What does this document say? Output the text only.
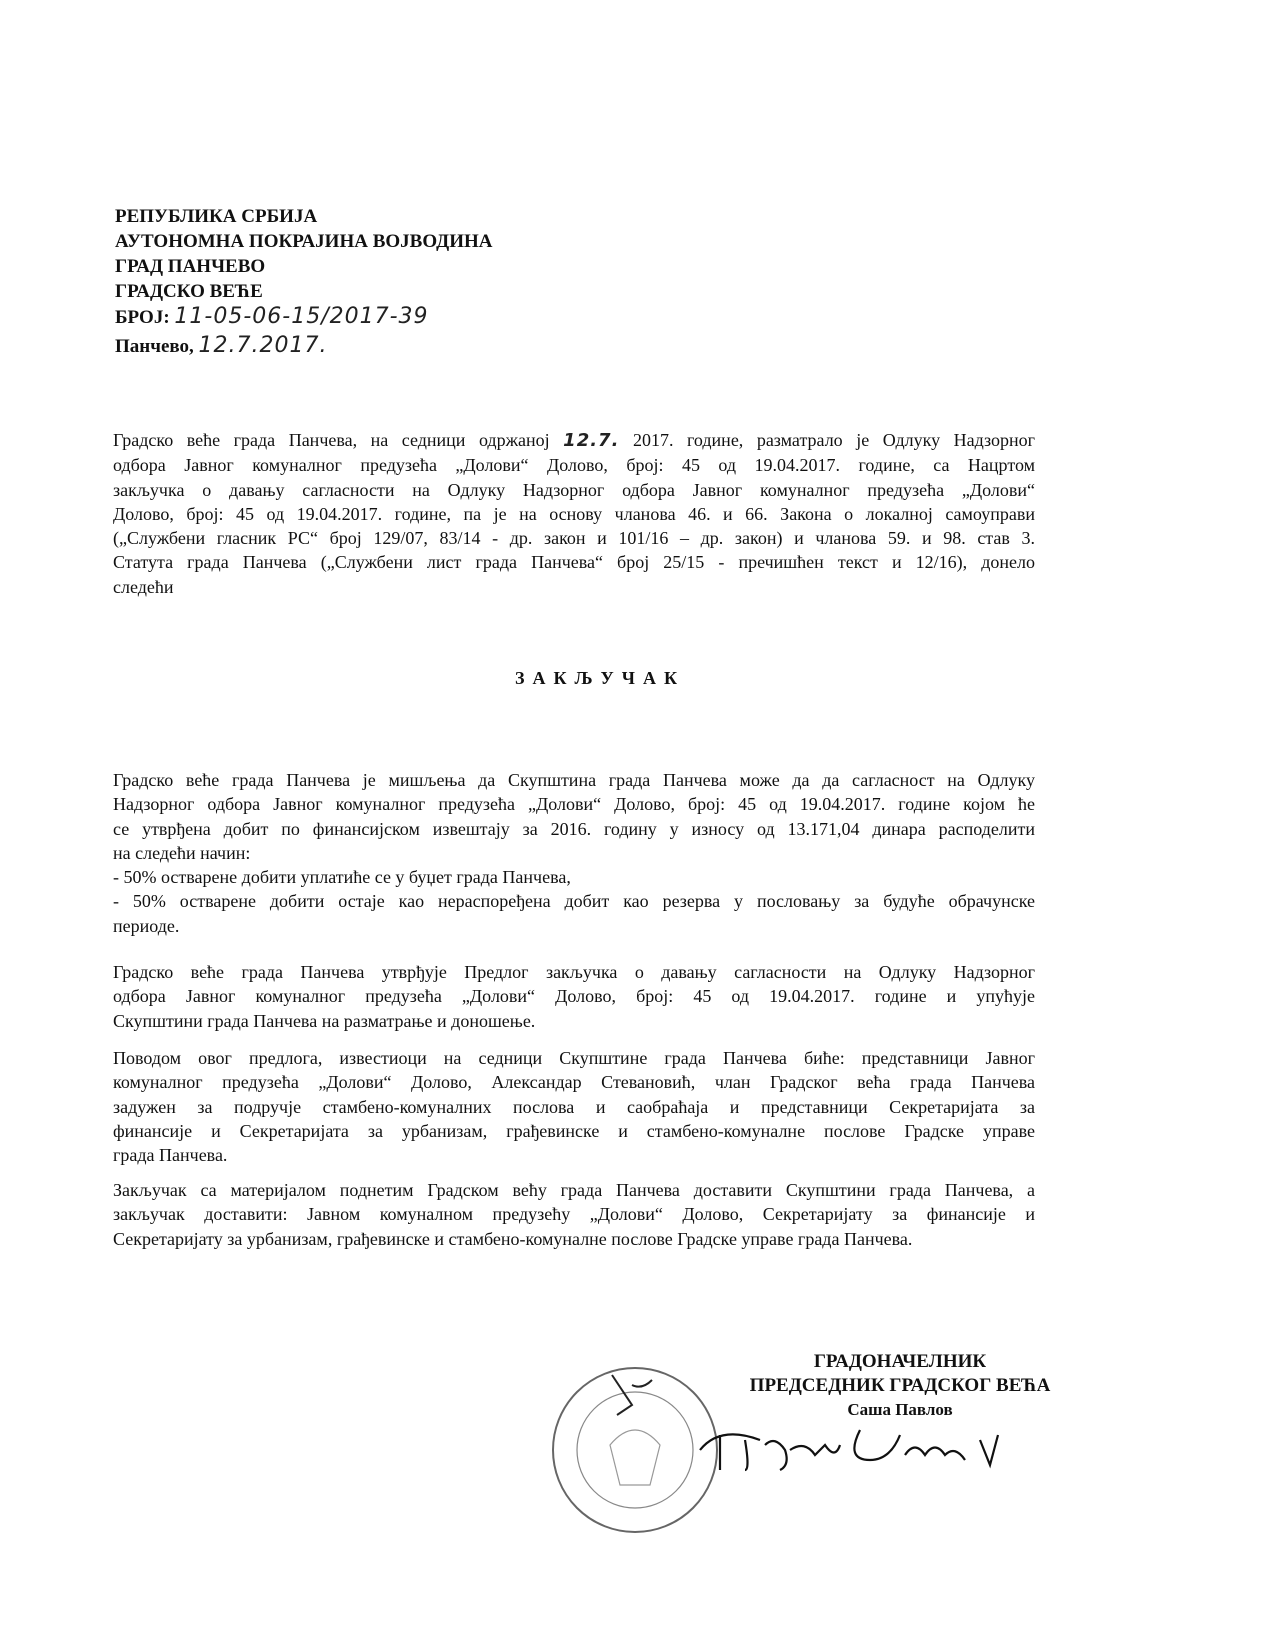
РЕПУБЛИКА СРБИЈА
АУТОНОМНА ПОКРАЈИНА ВОЈВОДИНА
ГРАД ПАНЧЕВО
ГРАДСКО ВЕЋЕ
БРОЈ: 11-05-06-15/2017-39
Панчево, 12.7.2017.
Градско веће града Панчева, на седници одржаној 12.7. 2017. године, разматрало је Одлуку Надзорног
одбора Јавног комуналног предузећа „Долови“ Долово, број: 45 од 19.04.2017. године, са Нацртом
закључка о давању сагласности на Одлуку Надзорног одбора Јавног комуналног предузећа „Долови“
Долово, број: 45 од 19.04.2017. године, па је на основу чланова 46. и 66. Закона о локалној самоуправи
(„Службени гласник РС“ број 129/07, 83/14 - др. закон и 101/16 – др. закон) и чланова 59. и 98. став 3.
Статута града Панчева („Службени лист града Панчева“ број 25/15 - пречишћен текст и 12/16), донело
следећи
ЗАКЉУЧАК
Градско веће града Панчева је мишљења да Скупштина града Панчева може да да сагласност на Одлуку
Надзорног одбора Јавног комуналног предузећа „Долови“ Долово, број: 45 од 19.04.2017. године којом ће
се утврђена добит по финансијском извештају за 2016. годину у износу од 13.171,04 динара расподелити
на следећи начин:
- 50% остварене добити уплатиће се у буџет града Панчева,
- 50% остварене добити остаје као нераспоређена добит као резерва у пословању за будуће обрачунске
периоде.
Градско веће града Панчева утврђује Предлог закључка о давању сагласности на Одлуку Надзорног
одбора Јавног комуналног предузећа „Долови“ Долово, број: 45 од 19.04.2017. године и упућује
Скупштини града Панчева на разматрање и доношење.
Поводом овог предлога, известиоци на седници Скупштине града Панчева биће: представници Јавног
комуналног предузећа „Долови“ Долово, Александар Стевановић, члан Градског већа града Панчева
задужен за подручје стамбено-комуналних послова и саобраћаја и представници Секретаријата за
финансије и Секретаријата за урбанизам, грађевинске и стамбено-комуналне послове Градске управе
града Панчева.
Закључак са материјалом поднетим Градском већу града Панчева доставити Скупштини града Панчева, а
закључак доставити: Јавном комуналном предузећу „Долови“ Долово, Секретаријату за финансије и
Секретаријату за урбанизам, грађевинске и стамбено-комуналне послове Градске управе града Панчева.
ГРАДОНАЧЕЛНИК
ПРЕДСЕДНИК ГРАДСКОГ ВЕЋА
Саша Павлов
